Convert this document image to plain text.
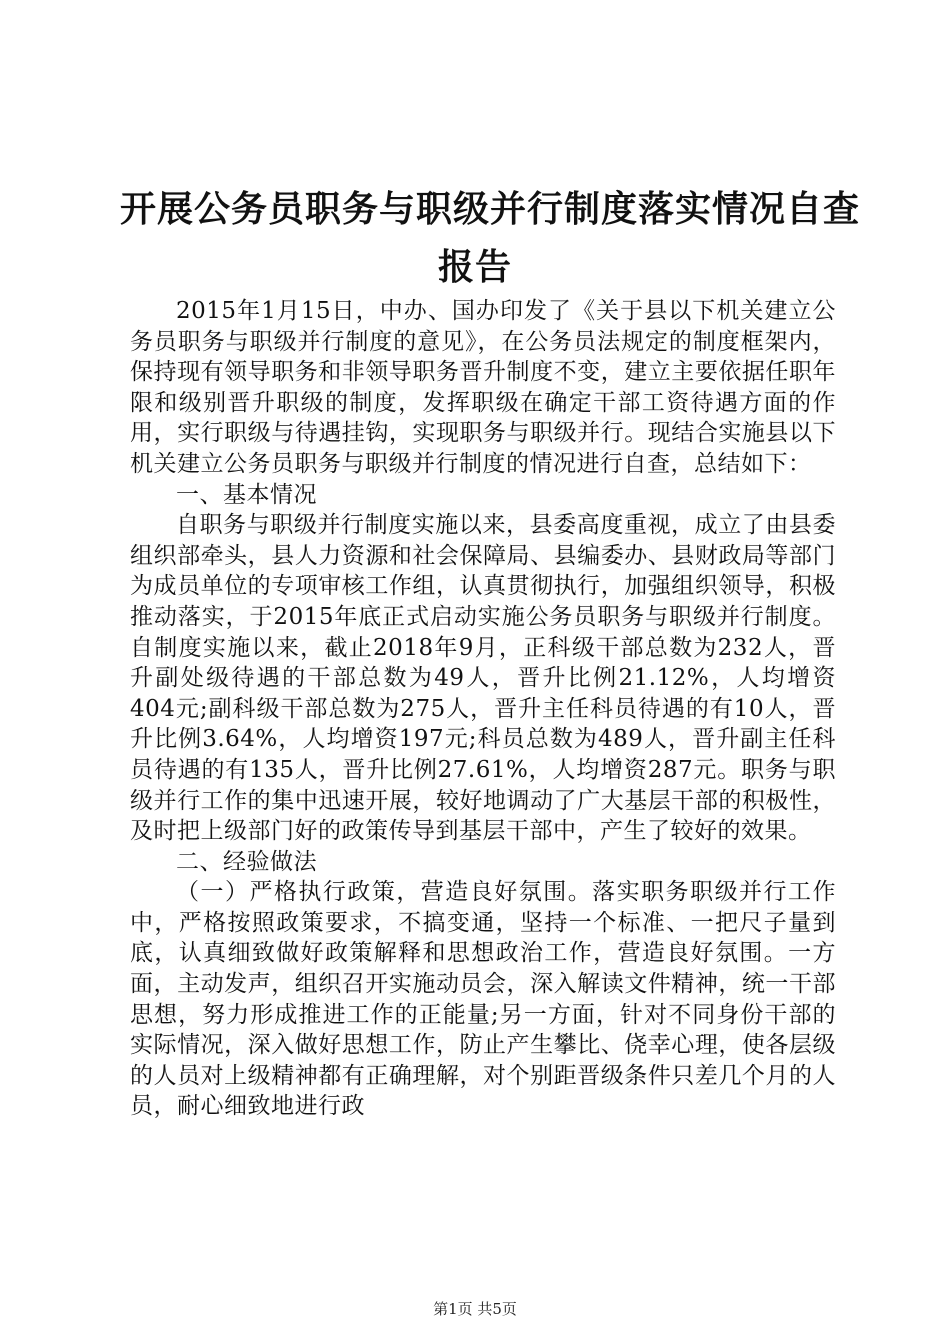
开展公务员职务与职级并行制度落实情况自查
报告

2015年1月15日，中办、国办印发了《关于县以下机关建立公务员职务与职级并行制度的意见》，在公务员法规定的制度框架内，保持现有领导职务和非领导职务晋升制度不变，建立主要依据任职年限和级别晋升职级的制度，发挥职级在确定干部工资待遇方面的作用，实行职级与待遇挂钩，实现职务与职级并行。现结合实施县以下机关建立公务员职务与职级并行制度的情况进行自查，总结如下：

一、基本情况

自职务与职级并行制度实施以来，县委高度重视，成立了由县委组织部牵头，县人力资源和社会保障局、县编委办、县财政局等部门为成员单位的专项审核工作组，认真贯彻执行，加强组织领导，积极推动落实，于2015年底正式启动实施公务员职务与职级并行制度。自制度实施以来，截止2018年9月，正科级干部总数为232人，晋升副处级待遇的干部总数为49人，晋升比例21.12%，人均增资404元;副科级干部总数为275人，晋升主任科员待遇的有10人，晋升比例3.64%，人均增资197元;科员总数为489人，晋升副主任科员待遇的有135人，晋升比例27.61%，人均增资287元。职务与职级并行工作的集中迅速开展，较好地调动了广大基层干部的积极性，及时把上级部门好的政策传导到基层干部中，产生了较好的效果。

二、经验做法

（一）严格执行政策，营造良好氛围。落实职务职级并行工作中，严格按照政策要求，不搞变通，坚持一个标准、一把尺子量到底，认真细致做好政策解释和思想政治工作，营造良好氛围。一方面，主动发声，组织召开实施动员会，深入解读文件精神，统一干部思想，努力形成推进工作的正能量;另一方面，针对不同身份干部的实际情况，深入做好思想工作，防止产生攀比、侥幸心理，使各层级的人员对上级精神都有正确理解，对个别距晋级条件只差几个月的人员，耐心细致地进行政

第1页 共5页
